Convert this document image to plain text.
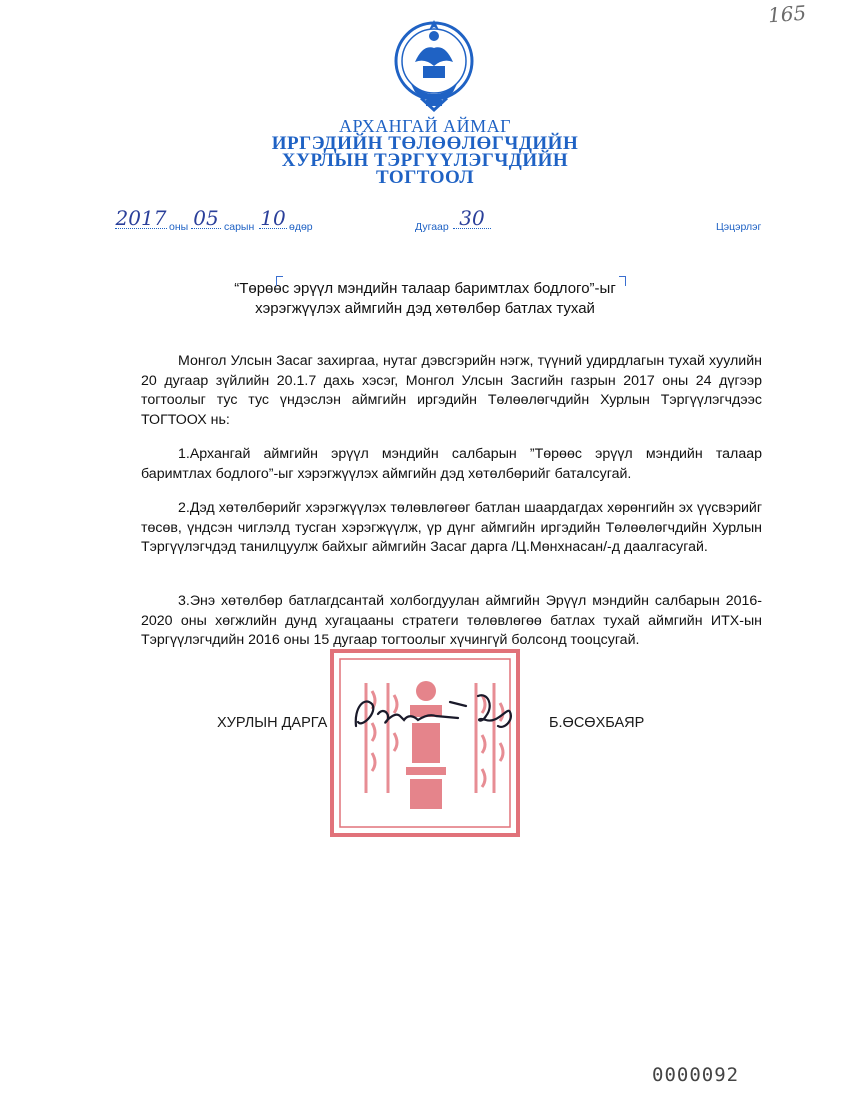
165
АРХАНГАЙ АЙМАГ
ИРГЭДИЙН ТӨЛӨӨЛӨГЧДИЙН
ХУРЛЫН ТЭРГҮҮЛЭГЧДИЙН
ТОГТООЛ
2017 оны 05 сарын 10 өдөр	Дугаар 30	Цэцэрлэг
“Төрөөс эрүүл мэндийн талаар баримтлах бодлого”-ыг
хэрэгжүүлэх аймгийн дэд хөтөлбөр батлах тухай

Монгол Улсын Засаг захиргаа, нутаг дэвсгэрийн нэгж, түүний удирдлагын тухай хуулийн 20 дугаар зүйлийн 20.1.7 дахь хэсэг, Монгол Улсын Засгийн газрын 2017 оны 24 дүгээр тогтоолыг тус тус үндэслэн аймгийн иргэдийн Төлөөлөгчдийн Хурлын Тэргүүлэгчдээс ТОГТООХ нь:

1.Архангай аймгийн эрүүл мэндийн салбарын ”Төрөөс эрүүл мэндийн талаар баримтлах бодлого”-ыг хэрэгжүүлэх аймгийн дэд хөтөлбөрийг баталсугай.

2.Дэд хөтөлбөрийг хэрэгжүүлэх төлөвлөгөөг батлан шаардагдах хөрөнгийн эх үүсвэрийг төсөв, үндсэн чиглэлд тусган хэрэгжүүлж, үр дүнг аймгийн иргэдийн Төлөөлөгчдийн Хурлын Тэргүүлэгчдэд танилцуулж байхыг аймгийн Засаг дарга /Ц.Мөнхнасан/-д даалгасугай.

3.Энэ хөтөлбөр батлагдсантай холбогдуулан аймгийн Эрүүл мэндийн салбарын 2016-2020 оны хөгжлийн дунд хугацааны стратеги төлөвлөгөө батлах тухай аймгийн ИТХ-ын Тэргүүлэгчдийн 2016 оны 15 дугаар тогтоолыг хүчингүй болсонд тооцсугай.

ХУРЛЫН ДАРГА	Б.ӨСӨХБАЯР
0000092
